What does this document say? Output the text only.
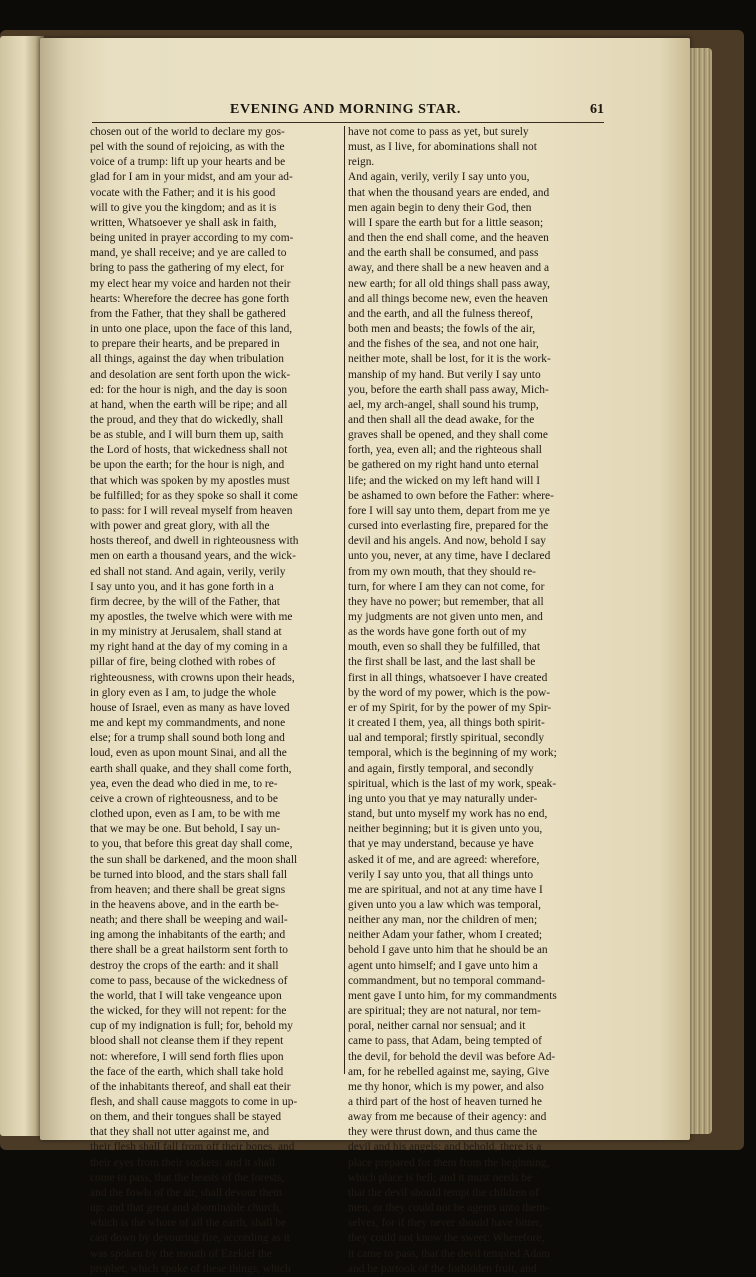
EVENING AND MORNING STAR.	61
chosen out of the world to declare my gos-
pel with the sound of rejoicing, as with the
voice of a trump: lift up your hearts and be
glad for I am in your midst, and am your ad-
vocate with the Father; and it is his good
will to give you the kingdom; and as it is
written, Whatsoever ye shall ask in faith,
being united in prayer according to my com-
mand, ye shall receive; and ye are called to
bring to pass the gathering of my elect, for
my elect hear my voice and harden not their
hearts: Wherefore the decree has gone forth
from the Father, that they shall be gathered
in unto one place, upon the face of this land,
to prepare their hearts, and be prepared in
all things, against the day when tribulation
and desolation are sent forth upon the wick-
ed: for the hour is nigh, and the day is soon
at hand, when the earth will be ripe; and all
the proud, and they that do wickedly, shall
be as stuble, and I will burn them up, saith
the Lord of hosts, that wickedness shall not
be upon the earth; for the hour is nigh, and
that which was spoken by my apostles must
be fulfilled; for as they spoke so shall it come
to pass: for I will reveal myself from heaven
with power and great glory, with all the
hosts thereof, and dwell in righteousness with
men on earth a thousand years, and the wick-
ed shall not stand. And again, verily, verily
I say unto you, and it has gone forth in a
firm decree, by the will of the Father, that
my apostles, the twelve which were with me
in my ministry at Jerusalem, shall stand at
my right hand at the day of my coming in a
pillar of fire, being clothed with robes of
righteousness, with crowns upon their heads,
in glory even as I am, to judge the whole
house of Israel, even as many as have loved
me and kept my commandments, and none
else; for a trump shall sound both long and
loud, even as upon mount Sinai, and all the
earth shall quake, and they shall come forth,
yea, even the dead who died in me, to re-
ceive a crown of righteousness, and to be
clothed upon, even as I am, to be with me
that we may be one. But behold, I say un-
to you, that before this great day shall come,
the sun shall be darkened, and the moon shall
be turned into blood, and the stars shall fall
from heaven; and there shall be great signs
in the heavens above, and in the earth be-
neath; and there shall be weeping and wail-
ing among the inhabitants of the earth; and
there shall be a great hailstorm sent forth to
destroy the crops of the earth: and it shall
come to pass, because of the wickedness of
the world, that I will take vengeance upon
the wicked, for they will not repent: for the
cup of my indignation is full; for, behold my
blood shall not cleanse them if they repent
not: wherefore, I will send forth flies upon
the face of the earth, which shall take hold
of the inhabitants thereof, and shall eat their
flesh, and shall cause maggots to come in up-
on them, and their tongues shall be stayed
that they shall not utter against me, and
their flesh shall fall from off their bones, and
their eyes from their sockets: and it shall
come to pass, that the beasts of the forests,
and the fowls of the air, shall devour them
up: and that great and abominable church,
which is the whore of all the earth, shall be
cast down by devouring fire, according as it
was spoken by the mouth of Ezekiel the
prophet, which spoke of these things, which
have not come to pass as yet, but surely
must, as I live, for abominations shall not
reign.
And again, verily, verily I say unto you,
that when the thousand years are ended, and
men again begin to deny their God, then
will I spare the earth but for a little season;
and then the end shall come, and the heaven
and the earth shall be consumed, and pass
away, and there shall be a new heaven and a
new earth; for all old things shall pass away,
and all things become new, even the heaven
and the earth, and all the fulness thereof,
both men and beasts; the fowls of the air,
and the fishes of the sea, and not one hair,
neither mote, shall be lost, for it is the work-
manship of my hand. But verily I say unto
you, before the earth shall pass away, Mich-
ael, my arch-angel, shall sound his trump,
and then shall all the dead awake, for the
graves shall be opened, and they shall come
forth, yea, even all; and the righteous shall
be gathered on my right hand unto eternal
life; and the wicked on my left hand will I
be ashamed to own before the Father: where-
fore I will say unto them, depart from me ye
cursed into everlasting fire, prepared for the
devil and his angels. And now, behold I say
unto you, never, at any time, have I declared
from my own mouth, that they should re-
turn, for where I am they can not come, for
they have no power; but remember, that all
my judgments are not given unto men, and
as the words have gone forth out of my
mouth, even so shall they be fulfilled, that
the first shall be last, and the last shall be
first in all things, whatsoever I have created
by the word of my power, which is the pow-
er of my Spirit, for by the power of my Spir-
it created I them, yea, all things both spirit-
ual and temporal; firstly spiritual, secondly
temporal, which is the beginning of my work;
and again, firstly temporal, and secondly
spiritual, which is the last of my work, speak-
ing unto you that ye may naturally under-
stand, but unto myself my work has no end,
neither beginning; but it is given unto you,
that ye may understand, because ye have
asked it of me, and are agreed: wherefore,
verily I say unto you, that all things unto
me are spiritual, and not at any time have I
given unto you a law which was temporal,
neither any man, nor the children of men;
neither Adam your father, whom I created;
behold I gave unto him that he should be an
agent unto himself; and I gave unto him a
commandment, but no temporal command-
ment gave I unto him, for my commandments
are spiritual; they are not natural, nor tem-
poral, neither carnal nor sensual; and it
came to pass, that Adam, being tempted of
the devil, for behold the devil was before Ad-
am, for he rebelled against me, saying, Give
me thy honor, which is my power, and also
a third part of the host of heaven turned he
away from me because of their agency: and
they were thrust down, and thus came the
devil and his angels; and behold, there is a
place prepared for them from the beginning,
which place is hell; and it must needs be
that the devil should tempt the children of
men, or they could not be agents unto them-
selves, for if they never should have bitter,
they could not know the sweet: Wherefore,
it came to pass, that the devil tempted Adam
and he partook of the forbidden fruit, and
